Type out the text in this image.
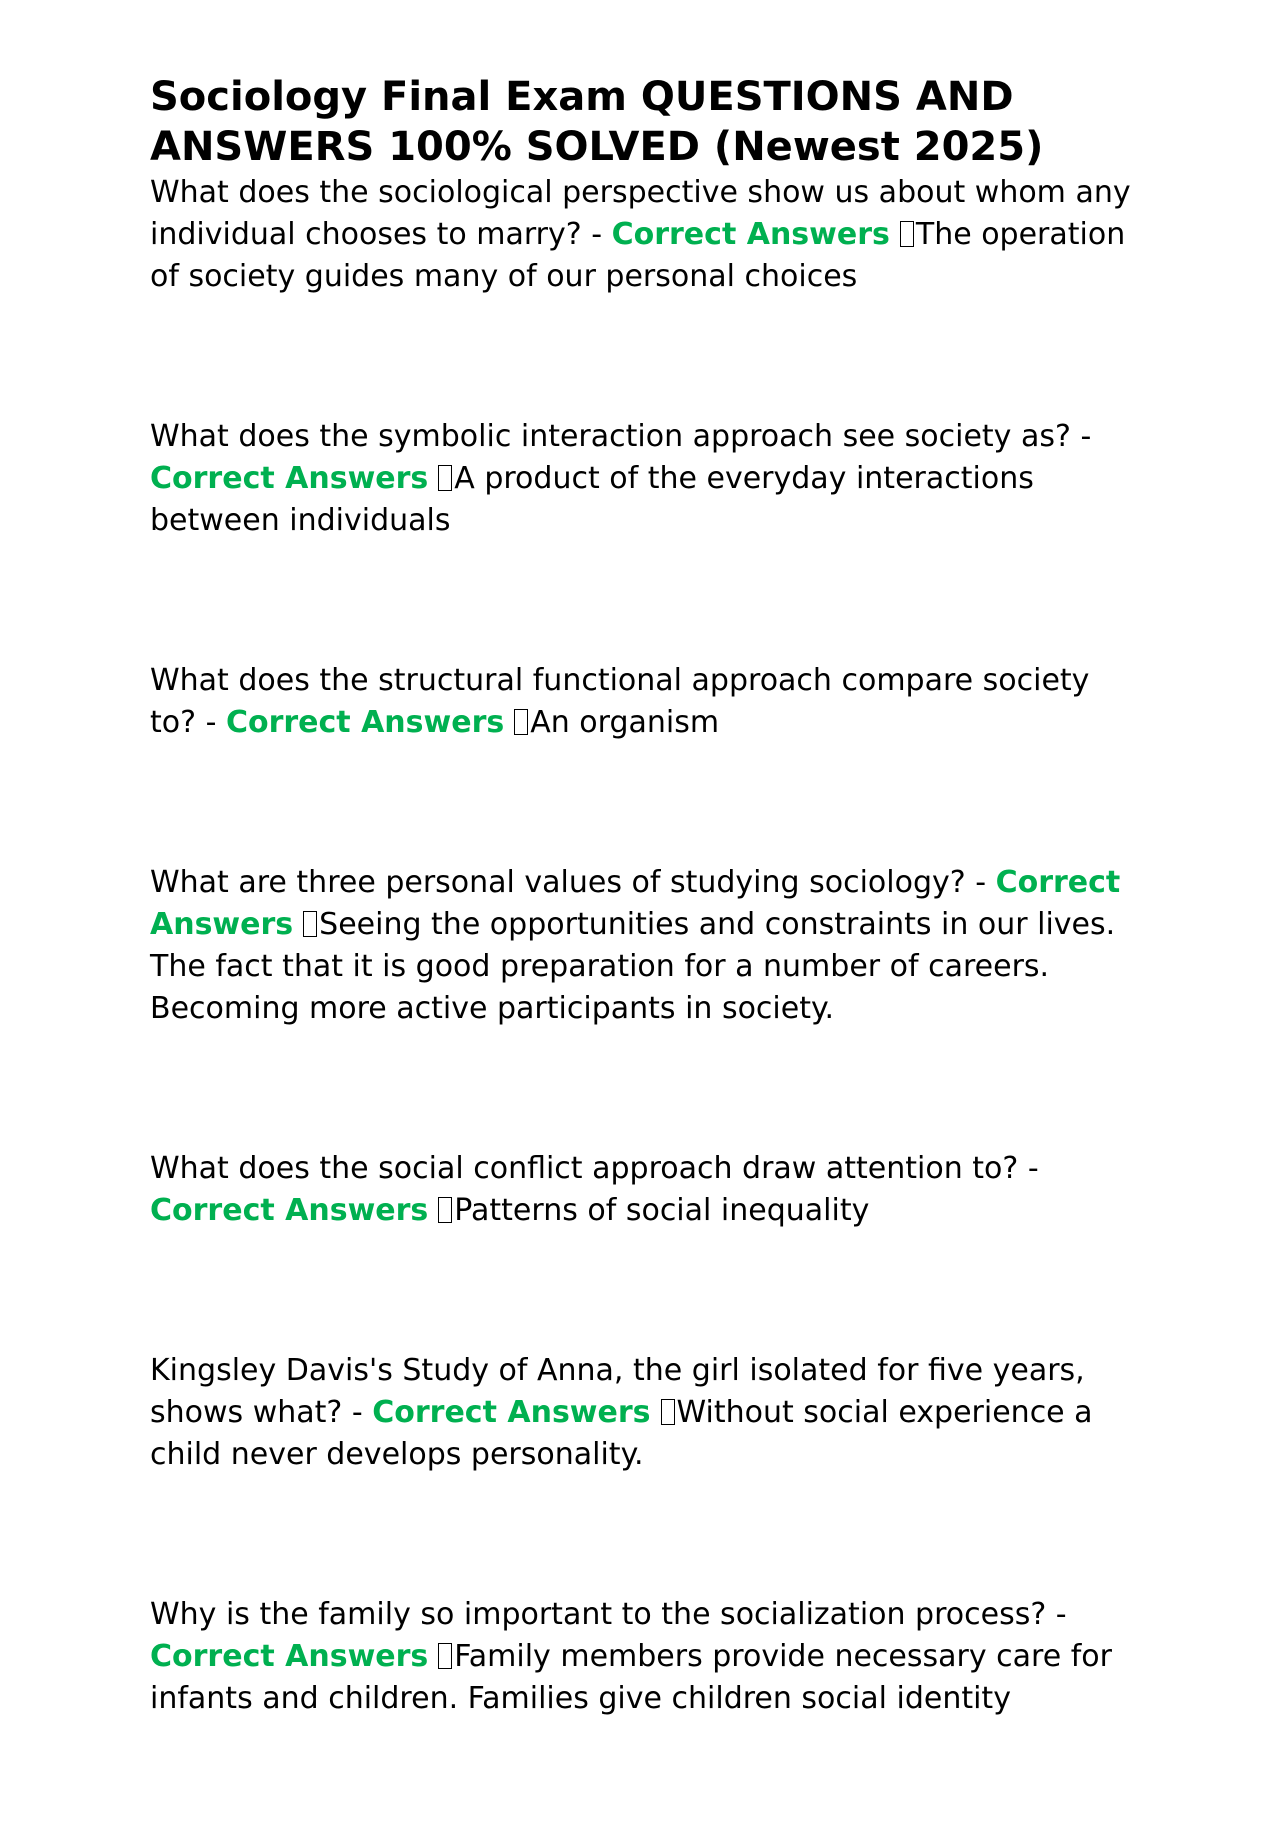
Sociology Final Exam QUESTIONS AND ANSWERS 100% SOLVED (Newest 2025)

What does the sociological perspective show us about whom any individual chooses to marry? - Correct Answers The operation of society guides many of our personal choices

What does the symbolic interaction approach see society as? - Correct Answers A product of the everyday interactions between individuals

What does the structural functional approach compare society to? - Correct Answers An organism

What are three personal values of studying sociology? - Correct Answers Seeing the opportunities and constraints in our lives. The fact that it is good preparation for a number of careers. Becoming more active participants in society.

What does the social conflict approach draw attention to? - Correct Answers Patterns of social inequality

Kingsley Davis's Study of Anna, the girl isolated for five years, shows what? - Correct Answers Without social experience a child never develops personality.

Why is the family so important to the socialization process? - Correct Answers Family members provide necessary care for infants and children. Families give children social identity
